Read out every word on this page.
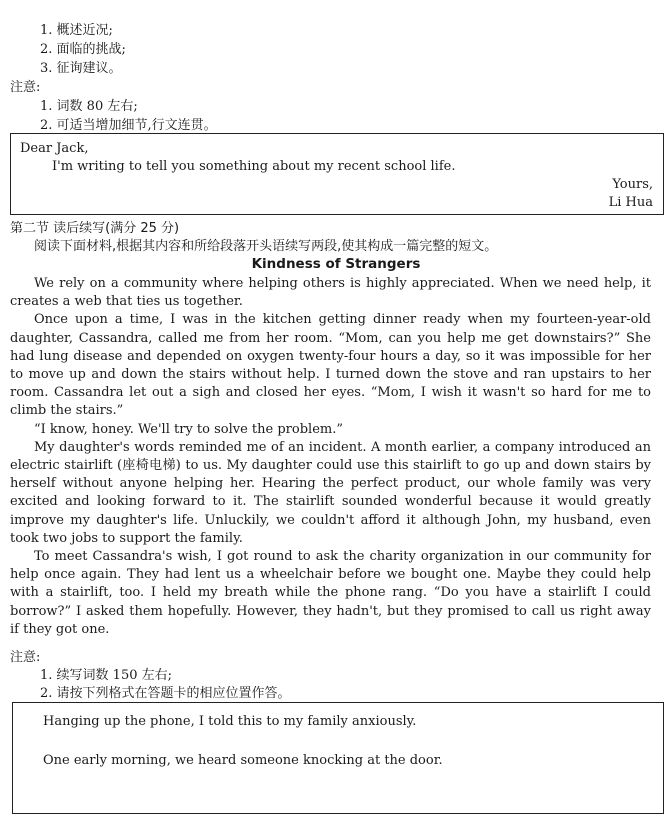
1. 概述近况;
2. 面临的挑战;
3. 征询建议。
注意:
1. 词数 80 左右;
2. 可适当增加细节,行文连贯。
Dear Jack,
I'm writing to tell you something about my recent school life.
Yours,
Li Hua
第二节 读后续写(满分 25 分)
阅读下面材料,根据其内容和所给段落开头语续写两段,使其构成一篇完整的短文。
Kindness of Strangers

We rely on a community where helping others is highly appreciated. When we need help, it creates a web that ties us together.

Once upon a time, I was in the kitchen getting dinner ready when my fourteen-year-old daughter, Cassandra, called me from her room. “Mom, can you help me get downstairs?” She had lung disease and depended on oxygen twenty-four hours a day, so it was impossible for her to move up and down the stairs without help. I turned down the stove and ran upstairs to her room. Cassandra let out a sigh and closed her eyes. “Mom, I wish it wasn't so hard for me to climb the stairs.”

“I know, honey. We'll try to solve the problem.”

My daughter's words reminded me of an incident. A month earlier, a company introduced an electric stairlift (座椅电梯) to us. My daughter could use this stairlift to go up and down stairs by herself without anyone helping her. Hearing the perfect product, our whole family was very excited and looking forward to it. The stairlift sounded wonderful because it would greatly improve my daughter's life. Unluckily, we couldn't afford it although John, my husband, even took two jobs to support the family.

To meet Cassandra's wish, I got round to ask the charity organization in our community for help once again. They had lent us a wheelchair before we bought one. Maybe they could help with a stairlift, too. I held my breath while the phone rang. “Do you have a stairlift I could borrow?” I asked them hopefully. However, they hadn't, but they promised to call us right away if they got one.

注意:
1. 续写词数 150 左右;
2. 请按下列格式在答题卡的相应位置作答。
Hanging up the phone, I told this to my family anxiously.
One early morning, we heard someone knocking at the door.
